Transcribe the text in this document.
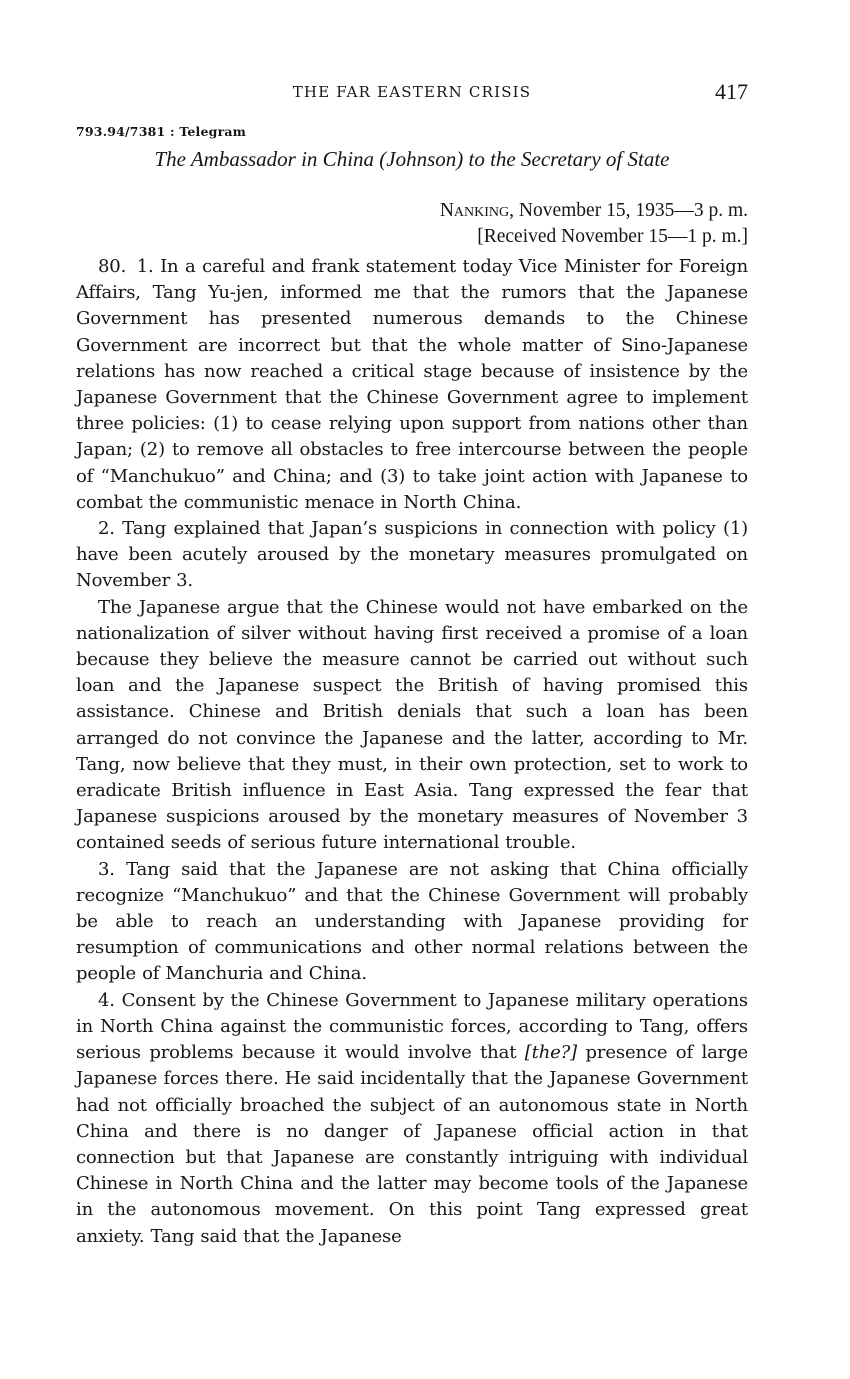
THE FAR EASTERN CRISIS	417
793.94/7381 : Telegram
The Ambassador in China (Johnson) to the Secretary of State
Nanking, November 15, 1935—3 p. m.
[Received November 15—1 p. m.]

80. 1. In a careful and frank statement today Vice Minister for Foreign Affairs, Tang Yu-jen, informed me that the rumors that the Japanese Government has presented numerous demands to the Chinese Government are incorrect but that the whole matter of Sino-Japanese relations has now reached a critical stage because of insistence by the Japanese Government that the Chinese Government agree to implement three policies: (1) to cease relying upon support from nations other than Japan; (2) to remove all obstacles to free intercourse between the people of “Manchukuo” and China; and (3) to take joint action with Japanese to combat the communistic menace in North China.

2. Tang explained that Japan’s suspicions in connection with policy (1) have been acutely aroused by the monetary measures promulgated on November 3.

The Japanese argue that the Chinese would not have embarked on the nationalization of silver without having first received a promise of a loan because they believe the measure cannot be carried out without such loan and the Japanese suspect the British of having promised this assistance. Chinese and British denials that such a loan has been arranged do not convince the Japanese and the latter, according to Mr. Tang, now believe that they must, in their own protection, set to work to eradicate British influence in East Asia. Tang expressed the fear that Japanese suspicions aroused by the monetary measures of November 3 contained seeds of serious future international trouble.

3. Tang said that the Japanese are not asking that China officially recognize “Manchukuo” and that the Chinese Government will probably be able to reach an understanding with Japanese providing for resumption of communications and other normal relations between the people of Manchuria and China.

4. Consent by the Chinese Government to Japanese military operations in North China against the communistic forces, according to Tang, offers serious problems because it would involve that [the?] presence of large Japanese forces there. He said incidentally that the Japanese Government had not officially broached the subject of an autonomous state in North China and there is no danger of Japanese official action in that connection but that Japanese are constantly intriguing with individual Chinese in North China and the latter may become tools of the Japanese in the autonomous movement. On this point Tang expressed great anxiety. Tang said that the Japanese
